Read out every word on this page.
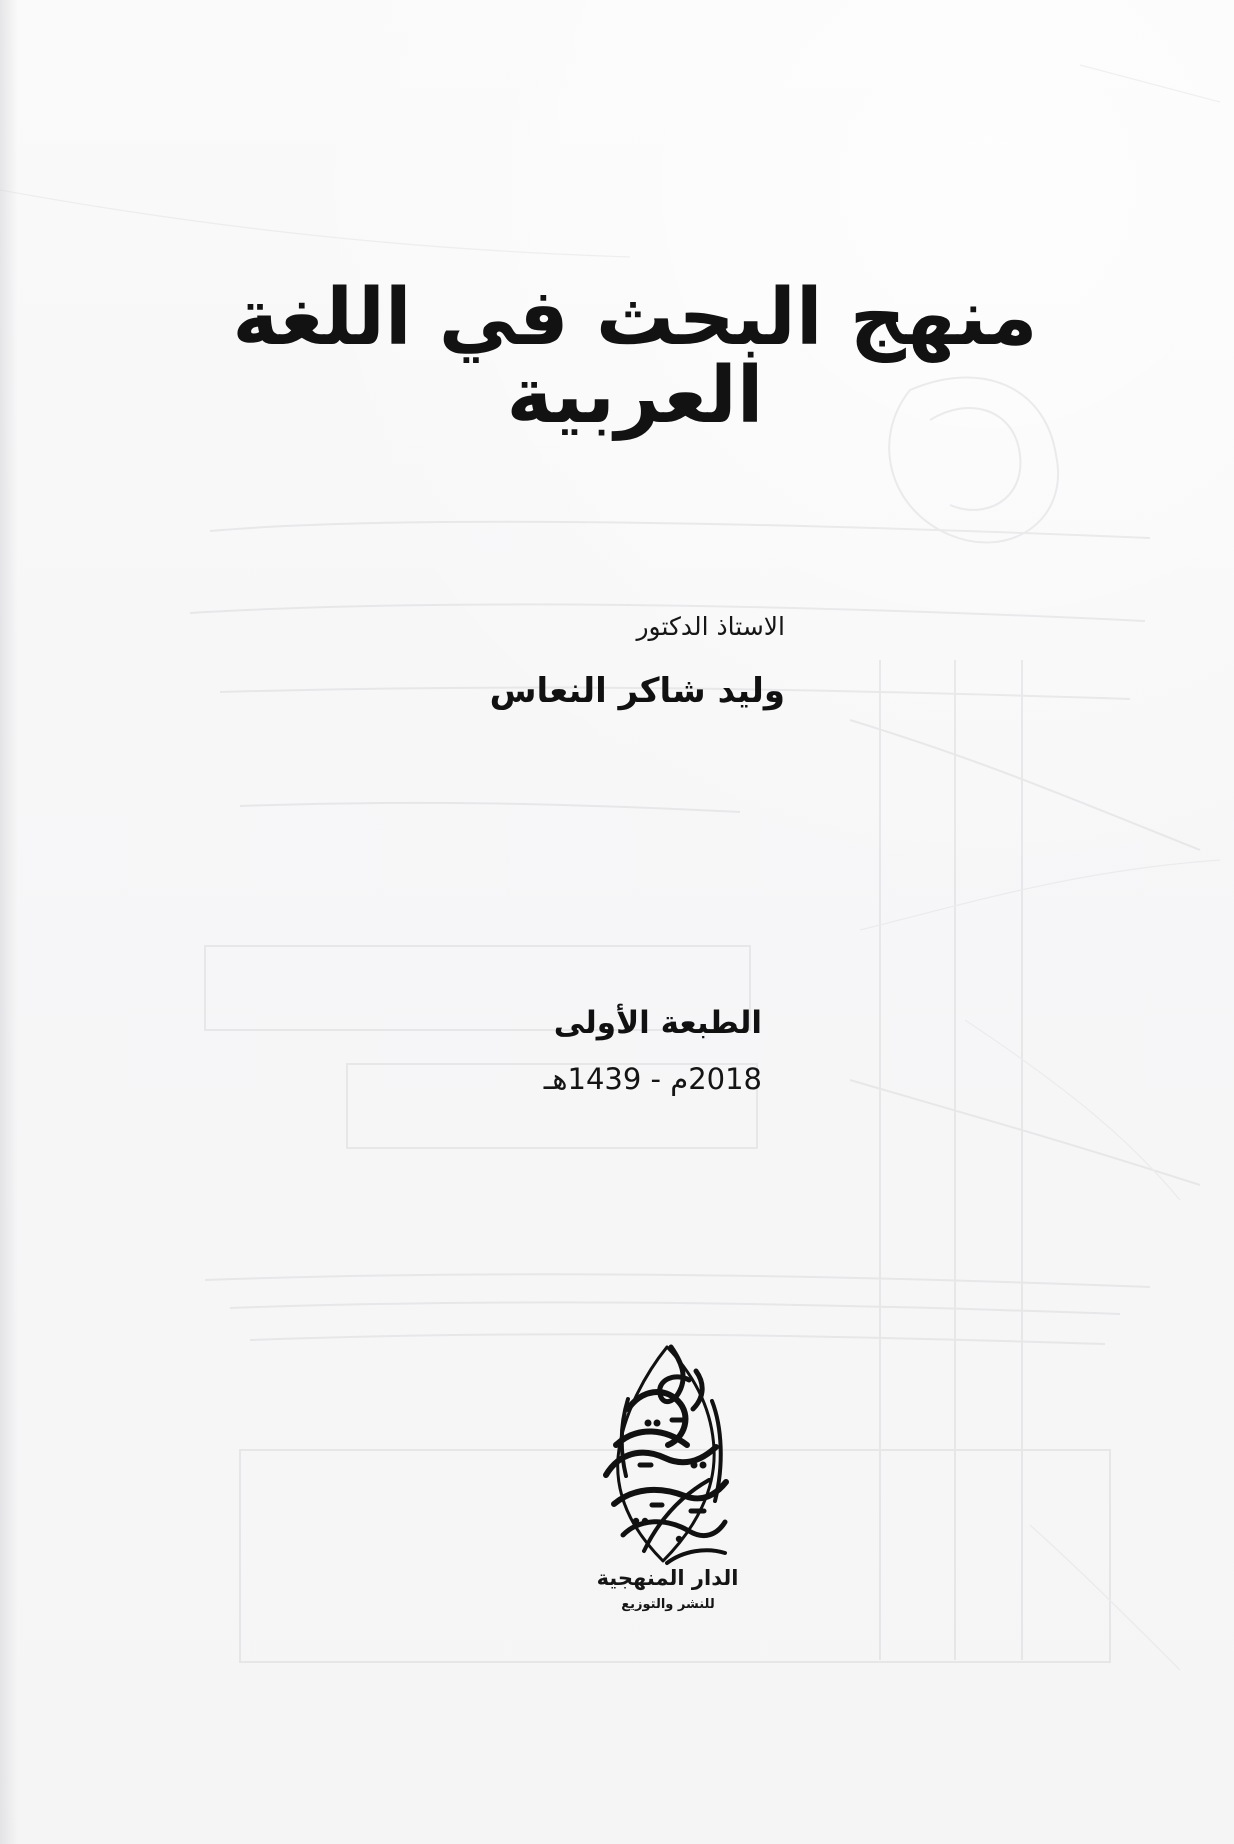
منهج البحث في اللغة العربية
الاستاذ الدكتور
وليد شاكر النعاس
الطبعة الأولى
2018م - 1439هـ
الدار المنهجية
للنشر والتوزيع
